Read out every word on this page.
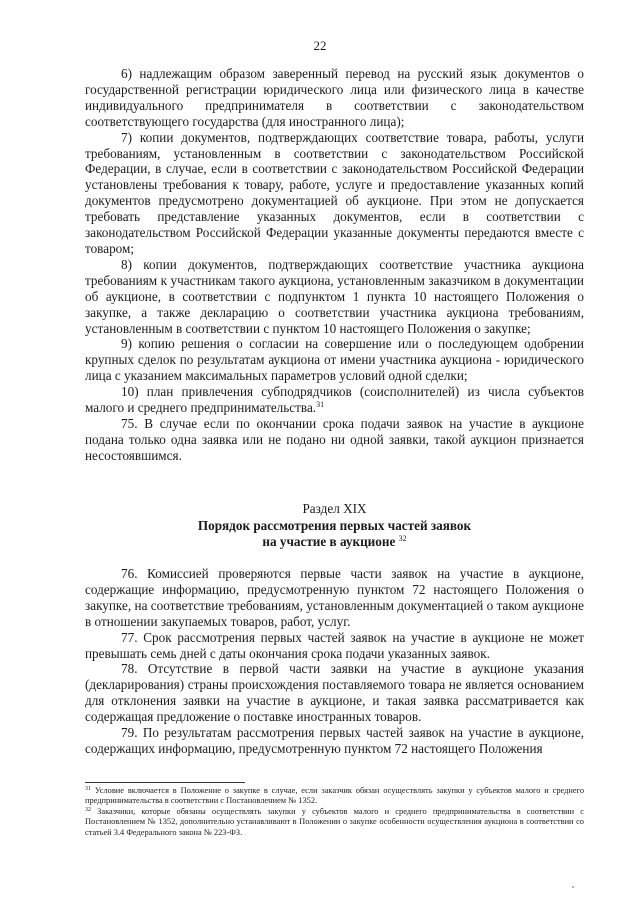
22

6) надлежащим образом заверенный перевод на русский язык документов о государственной регистрации юридического лица или физического лица в качестве индивидуального предпринимателя в соответствии с законодательством соответствующего государства (для иностранного лица);

7) копии документов, подтверждающих соответствие товара, работы, услуги требованиям, установленным в соответствии с законодательством Российской Федерации, в случае, если в соответствии с законодательством Российской Федерации установлены требования к товару, работе, услуге и предоставление указанных копий документов предусмотрено документацией об аукционе. При этом не допускается требовать представление указанных документов, если в соответствии с законодательством Российской Федерации указанные документы передаются вместе с товаром;

8) копии документов, подтверждающих соответствие участника аукциона требованиям к участникам такого аукциона, установленным заказчиком в документации об аукционе, в соответствии с подпунктом 1 пункта 10 настоящего Положения о закупке, а также декларацию о соответствии участника аукциона требованиям, установленным в соответствии с пунктом 10 настоящего Положения о закупке;

9) копию решения о согласии на совершение или о последующем одобрении крупных сделок по результатам аукциона от имени участника аукциона - юридического лица с указанием максимальных параметров условий одной сделки;

10) план привлечения субподрядчиков (соисполнителей) из числа субъектов малого и среднего предпринимательства.$^{31}$

75. В случае если по окончании срока подачи заявок на участие в аукционе подана только одна заявка или не подано ни одной заявки, такой аукцион признается несостоявшимся.

Раздел XIX
Порядок рассмотрения первых частей заявок
на участие в аукционе $^{32}$

76. Комиссией проверяются первые части заявок на участие в аукционе, содержащие информацию, предусмотренную пунктом 72 настоящего Положения о закупке, на соответствие требованиям, установленным документацией о таком аукционе в отношении закупаемых товаров, работ, услуг.

77. Срок рассмотрения первых частей заявок на участие в аукционе не может превышать семь дней с даты окончания срока подачи указанных заявок.

78. Отсутствие в первой части заявки на участие в аукционе указания (декларирования) страны происхождения поставляемого товара не является основанием для отклонения заявки на участие в аукционе, и такая заявка рассматривается как содержащая предложение о поставке иностранных товаров.

79. По результатам рассмотрения первых частей заявок на участие в аукционе, содержащих информацию, предусмотренную пунктом 72 настоящего Положения

$^{31}$ Условие включается в Положение о закупке в случае, если заказчик обязан осуществлять закупки у субъектов малого и среднего предпринимательства в соответствии с Постановлением № 1352.

$^{32}$ Заказчики, которые обязаны осуществлять закупки у субъектов малого и среднего предпринимательства в соответствии с Постановлением № 1352, дополнительно устанавливают в Положении о закупке особенности осуществления аукциона в соответствии со статьей 3.4 Федерального закона № 223-ФЗ.
